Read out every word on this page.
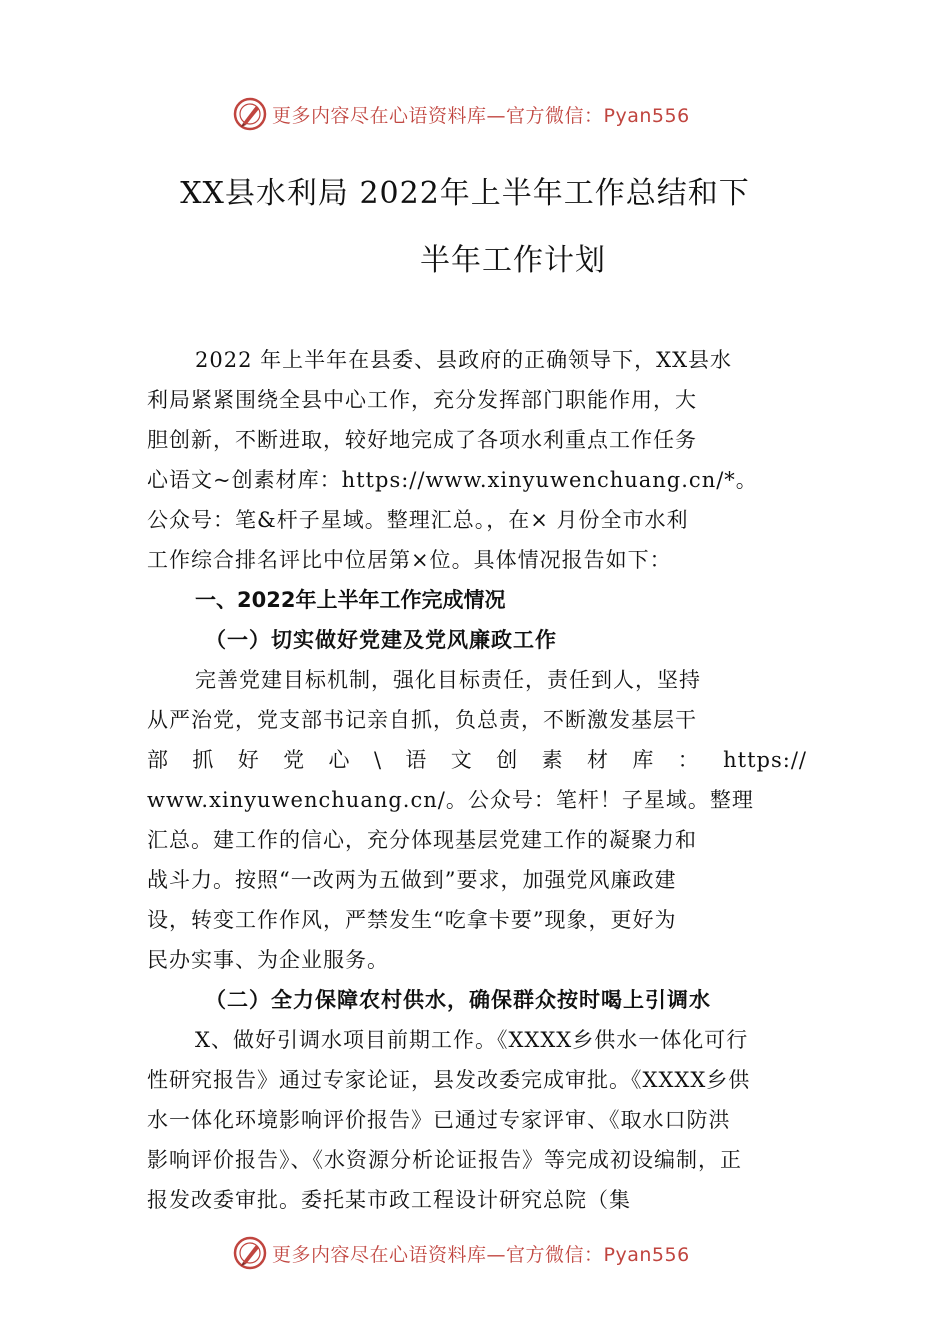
更多内容尽在心语资料库—官方微信：Pyan556
XX县水利局 2022年上半年工作总结和下
半年工作计划

2022 年上半年在县委、县政府的正确领导下，XX县水

利局紧紧围绕全县中心工作，充分发挥部门职能作用，大

胆创新，不断进取，较好地完成了各项水利重点工作任务

心语文~创素材库：https://www.xinyuwenchuang.cn/*。

公众号：笔&杆子星域。整理汇总。，在× 月份全市水利

工作综合排名评比中位居第×位。具体情况报告如下：

一、2022年上半年工作完成情况

（一）切实做好党建及党风廉政工作

完善党建目标机制，强化目标责任，责任到人，坚持

从严治党，党支部书记亲自抓，负总责，不断激发基层干

部抓好党心\语文创素材库：https://

www.xinyuwenchuang.cn/。公众号：笔杆！子星域。整理

汇总。建工作的信心，充分体现基层党建工作的凝聚力和

战斗力。按照“一改两为五做到”要求，加强党风廉政建

设，转变工作作风，严禁发生“吃拿卡要”现象，更好为

民办实事、为企业服务。

（二）全力保障农村供水，确保群众按时喝上引调水

X、做好引调水项目前期工作。《XXXX乡供水一体化可行

性研究报告》通过专家论证，县发改委完成审批。《XXXX乡供

水一体化环境影响评价报告》已通过专家评审、《取水口防洪

影响评价报告》、《水资源分析论证报告》等完成初设编制，正

报发改委审批。委托某市政工程设计研究总院（集

更多内容尽在心语资料库—官方微信：Pyan556
